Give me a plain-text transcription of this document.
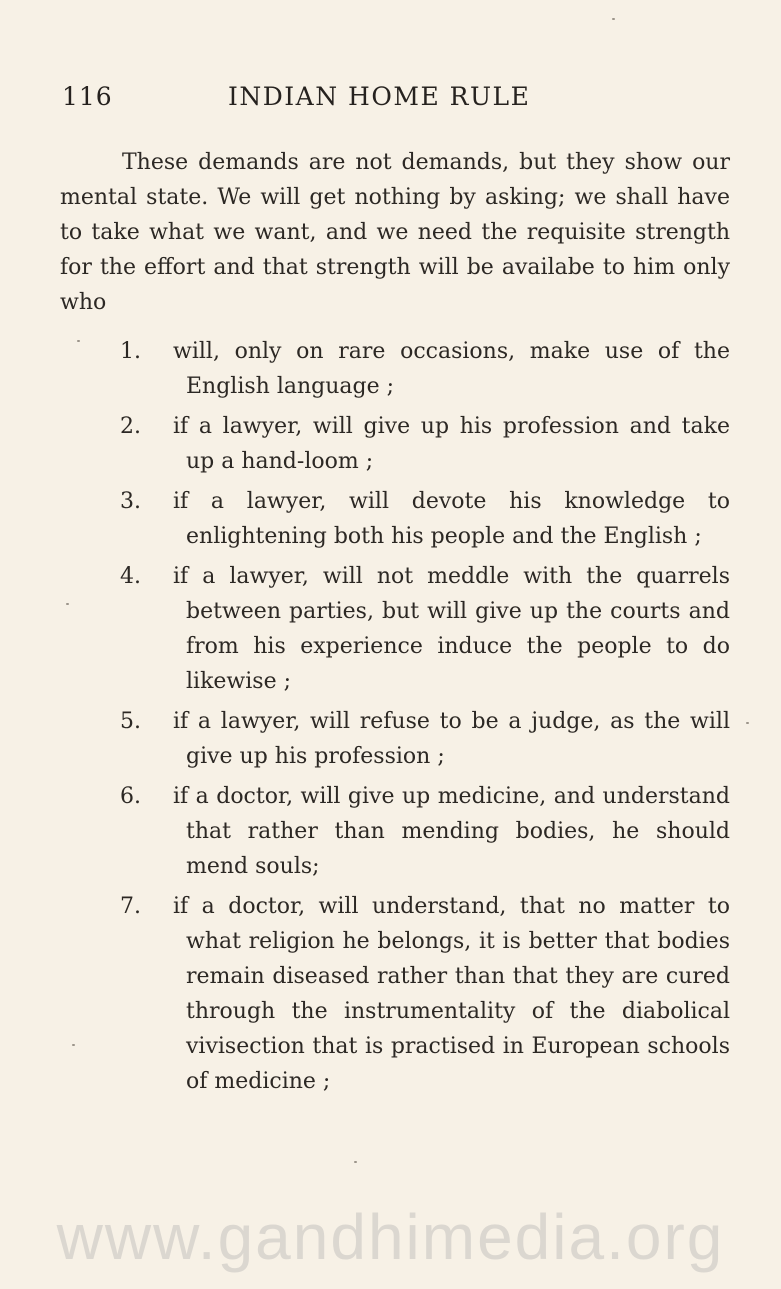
116	INDIAN HOME RULE

These demands are not demands, but they show our mental state. We will get nothing by asking; we shall have to take what we want, and we need the requisite strength for the effort and that strength will be availabe to him only who

1.	will, only on rare occasions, make use of the English language ;
2.	if a lawyer, will give up his profession and take up a hand-loom ;
3.	if a lawyer, will devote his knowledge to enlightening both his people and the English ;
4.	if a lawyer, will not meddle with the quarrels between parties, but will give up the courts and from his experience induce the people to do likewise ;
5.	if a lawyer, will refuse to be a judge, as the will give up his profession ;
6.	if a doctor, will give up medicine, and understand that rather than mending bodies, he should mend souls;
7.	if a doctor, will understand, that no matter to what religion he belongs, it is better that bodies remain diseased rather than that they are cured through the instrumentality of the diabolical vivisection that is practised in European schools of medicine ;
www.gandhimedia.org
